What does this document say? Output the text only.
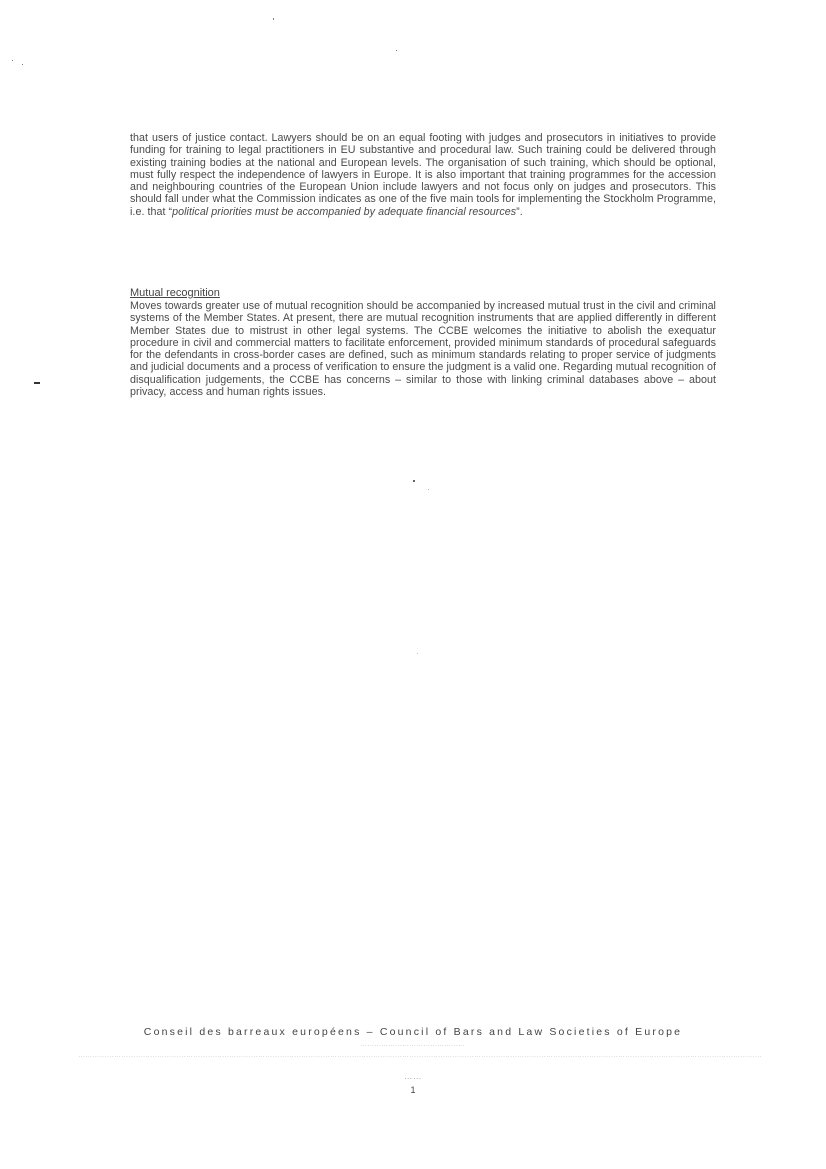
that users of justice contact. Lawyers should be on an equal footing with judges and prosecutors in initiatives to provide funding for training to legal practitioners in EU substantive and procedural law. Such training could be delivered through existing training bodies at the national and European levels. The organisation of such training, which should be optional, must fully respect the independence of lawyers in Europe. It is also important that training programmes for the accession and neighbouring countries of the European Union include lawyers and not focus only on judges and prosecutors. This should fall under what the Commission indicates as one of the five main tools for implementing the Stockholm Programme, i.e. that “political priorities must be accompanied by adequate financial resources”.
Mutual recognition
Moves towards greater use of mutual recognition should be accompanied by increased mutual trust in the civil and criminal systems of the Member States. At present, there are mutual recognition instruments that are applied differently in different Member States due to mistrust in other legal systems. The CCBE welcomes the initiative to abolish the exequatur procedure in civil and commercial matters to facilitate enforcement, provided minimum standards of procedural safeguards for the defendants in cross-border cases are defined, such as minimum standards relating to proper service of judgments and judicial documents and a process of verification to ensure the judgment is a valid one. Regarding mutual recognition of disqualification judgements, the CCBE has concerns – similar to those with linking criminal databases above – about privacy, access and human rights issues.
Conseil des barreaux européens – Council of Bars and Law Societies of Europe
………………………………………
……………………………………………………………………………………………………………………………………………………………………………………………………………………………………………………………
……
1
